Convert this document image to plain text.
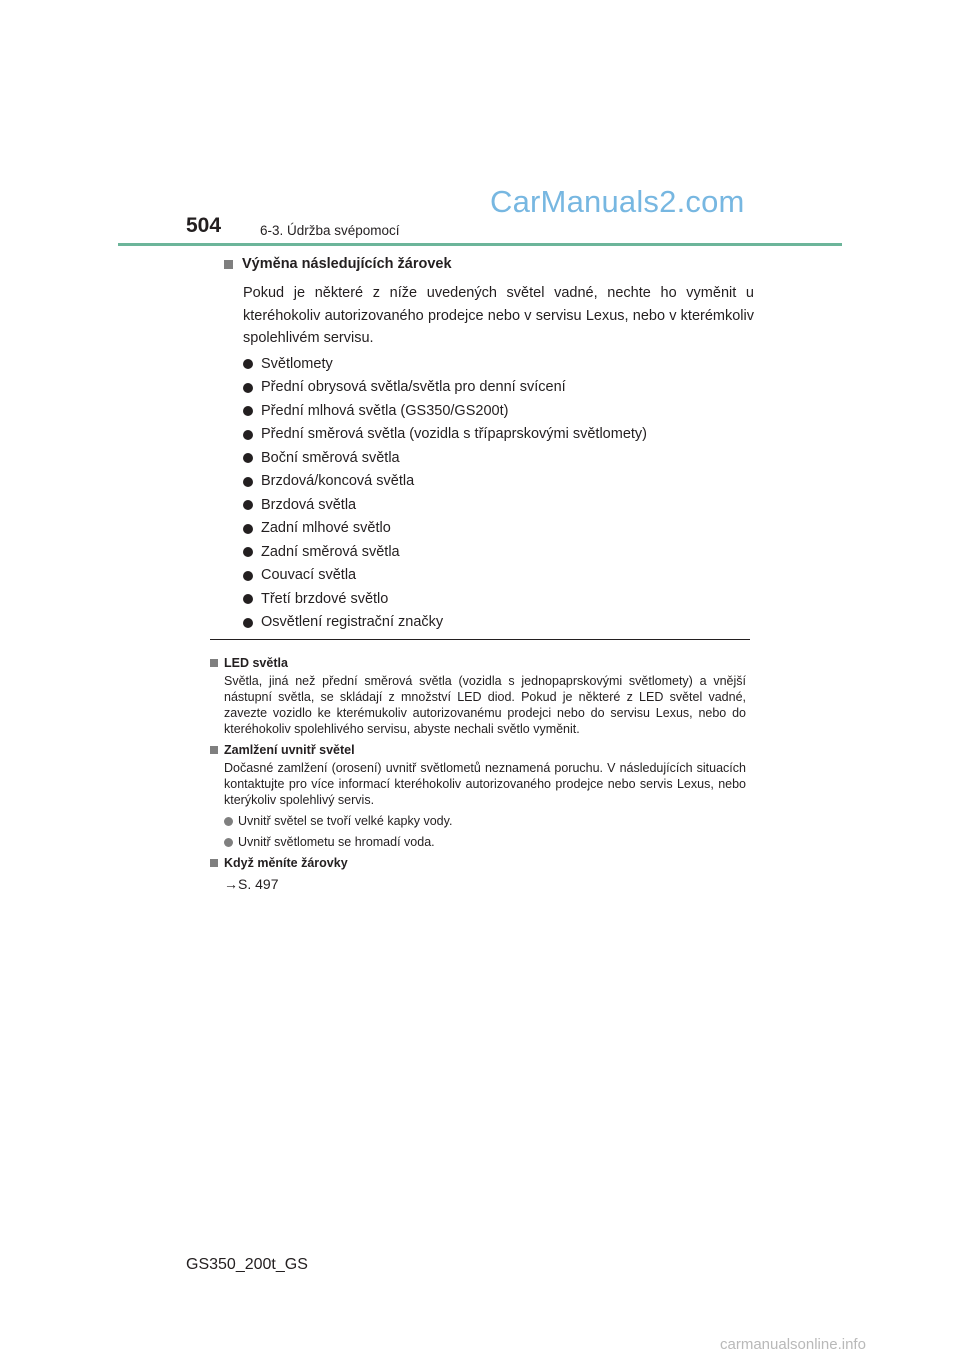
504	6-3. Údržba svépomocí
CarManuals2.com
Výměna následujících žárovek
Pokud je některé z níže uvedených světel vadné, nechte ho vyměnit u kteréhokoliv autorizovaného prodejce nebo v servisu Lexus, nebo v kterémkoliv spolehlivém servisu.
Světlomety
Přední obrysová světla/světla pro denní svícení
Přední mlhová světla (GS350/GS200t)
Přední směrová světla (vozidla s třípaprskovými světlomety)
Boční směrová světla
Brzdová/koncová světla
Brzdová světla
Zadní mlhové světlo
Zadní směrová světla
Couvací světla
Třetí brzdové světlo
Osvětlení registrační značky
LED světla
Světla, jiná než přední směrová světla (vozidla s jednopaprskovými světlomety) a vnější nástupní světla, se skládají z množství LED diod. Pokud je některé z LED světel vadné, zavezte vozidlo ke kterémukoliv autorizovanému prodejci nebo do servisu Lexus, nebo do kteréhokoliv spolehlivého servisu, abyste nechali světlo vyměnit.
Zamlžení uvnitř světel
Dočasné zamlžení (orosení) uvnitř světlometů neznamená poruchu. V následujících situacích kontaktujte pro více informací kteréhokoliv autorizovaného prodejce nebo servis Lexus, nebo kterýkoliv spolehlivý servis.
Uvnitř světel se tvoří velké kapky vody.
Uvnitř světlometu se hromadí voda.
Když měníte žárovky
→S. 497
GS350_200t_GS
carmanualsonline.info
